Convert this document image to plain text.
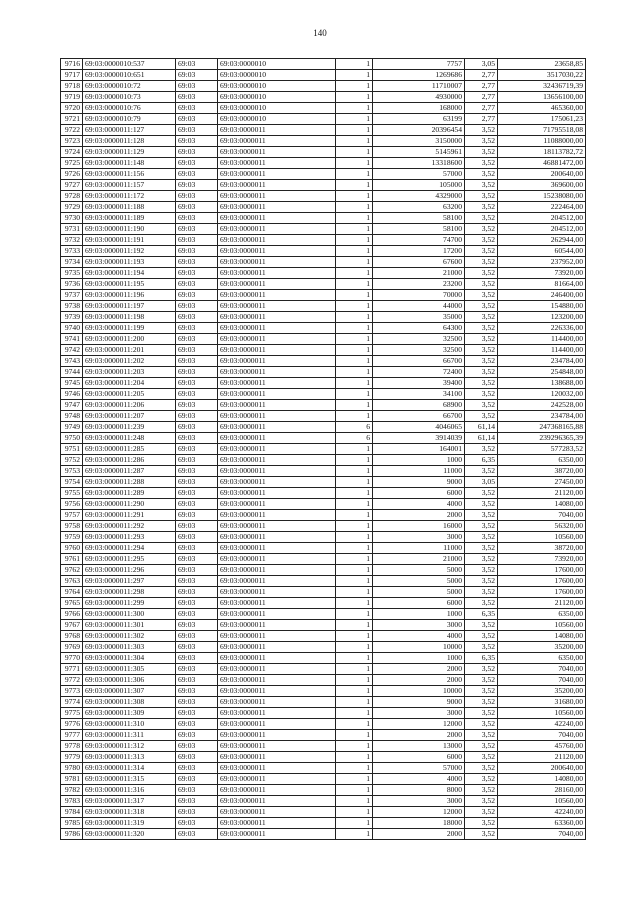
140
9716	69:03:0000010:537	69:03	69:03:0000010	1	7757	3,05	23658,85
9717	69:03:0000010:651	69:03	69:03:0000010	1	1269686	2,77	3517030,22
9718	69:03:0000010:72	69:03	69:03:0000010	1	11710007	2,77	32436719,39
9719	69:03:0000010:73	69:03	69:03:0000010	1	4930000	2,77	13656100,00
9720	69:03:0000010:76	69:03	69:03:0000010	1	168000	2,77	465360,00
9721	69:03:0000010:79	69:03	69:03:0000010	1	63199	2,77	175061,23
9722	69:03:0000011:127	69:03	69:03:0000011	1	20396454	3,52	71795518,08
9723	69:03:0000011:128	69:03	69:03:0000011	1	3150000	3,52	11088000,00
9724	69:03:0000011:129	69:03	69:03:0000011	1	5145961	3,52	18113782,72
9725	69:03:0000011:148	69:03	69:03:0000011	1	13318600	3,52	46881472,00
9726	69:03:0000011:156	69:03	69:03:0000011	1	57000	3,52	200640,00
9727	69:03:0000011:157	69:03	69:03:0000011	1	105000	3,52	369600,00
9728	69:03:0000011:172	69:03	69:03:0000011	1	4329000	3,52	15238080,00
9729	69:03:0000011:188	69:03	69:03:0000011	1	63200	3,52	222464,00
9730	69:03:0000011:189	69:03	69:03:0000011	1	58100	3,52	204512,00
9731	69:03:0000011:190	69:03	69:03:0000011	1	58100	3,52	204512,00
9732	69:03:0000011:191	69:03	69:03:0000011	1	74700	3,52	262944,00
9733	69:03:0000011:192	69:03	69:03:0000011	1	17200	3,52	60544,00
9734	69:03:0000011:193	69:03	69:03:0000011	1	67600	3,52	237952,00
9735	69:03:0000011:194	69:03	69:03:0000011	1	21000	3,52	73920,00
9736	69:03:0000011:195	69:03	69:03:0000011	1	23200	3,52	81664,00
9737	69:03:0000011:196	69:03	69:03:0000011	1	70000	3,52	246400,00
9738	69:03:0000011:197	69:03	69:03:0000011	1	44000	3,52	154880,00
9739	69:03:0000011:198	69:03	69:03:0000011	1	35000	3,52	123200,00
9740	69:03:0000011:199	69:03	69:03:0000011	1	64300	3,52	226336,00
9741	69:03:0000011:200	69:03	69:03:0000011	1	32500	3,52	114400,00
9742	69:03:0000011:201	69:03	69:03:0000011	1	32500	3,52	114400,00
9743	69:03:0000011:202	69:03	69:03:0000011	1	66700	3,52	234784,00
9744	69:03:0000011:203	69:03	69:03:0000011	1	72400	3,52	254848,00
9745	69:03:0000011:204	69:03	69:03:0000011	1	39400	3,52	138688,00
9746	69:03:0000011:205	69:03	69:03:0000011	1	34100	3,52	120032,00
9747	69:03:0000011:206	69:03	69:03:0000011	1	68900	3,52	242528,00
9748	69:03:0000011:207	69:03	69:03:0000011	1	66700	3,52	234784,00
9749	69:03:0000011:239	69:03	69:03:0000011	6	4046065	61,14	247368165,88
9750	69:03:0000011:248	69:03	69:03:0000011	6	3914039	61,14	239296365,39
9751	69:03:0000011:285	69:03	69:03:0000011	1	164001	3,52	577283,52
9752	69:03:0000011:286	69:03	69:03:0000011	1	1000	6,35	6350,00
9753	69:03:0000011:287	69:03	69:03:0000011	1	11000	3,52	38720,00
9754	69:03:0000011:288	69:03	69:03:0000011	1	9000	3,05	27450,00
9755	69:03:0000011:289	69:03	69:03:0000011	1	6000	3,52	21120,00
9756	69:03:0000011:290	69:03	69:03:0000011	1	4000	3,52	14080,00
9757	69:03:0000011:291	69:03	69:03:0000011	1	2000	3,52	7040,00
9758	69:03:0000011:292	69:03	69:03:0000011	1	16000	3,52	56320,00
9759	69:03:0000011:293	69:03	69:03:0000011	1	3000	3,52	10560,00
9760	69:03:0000011:294	69:03	69:03:0000011	1	11000	3,52	38720,00
9761	69:03:0000011:295	69:03	69:03:0000011	1	21000	3,52	73920,00
9762	69:03:0000011:296	69:03	69:03:0000011	1	5000	3,52	17600,00
9763	69:03:0000011:297	69:03	69:03:0000011	1	5000	3,52	17600,00
9764	69:03:0000011:298	69:03	69:03:0000011	1	5000	3,52	17600,00
9765	69:03:0000011:299	69:03	69:03:0000011	1	6000	3,52	21120,00
9766	69:03:0000011:300	69:03	69:03:0000011	1	1000	6,35	6350,00
9767	69:03:0000011:301	69:03	69:03:0000011	1	3000	3,52	10560,00
9768	69:03:0000011:302	69:03	69:03:0000011	1	4000	3,52	14080,00
9769	69:03:0000011:303	69:03	69:03:0000011	1	10000	3,52	35200,00
9770	69:03:0000011:304	69:03	69:03:0000011	1	1000	6,35	6350,00
9771	69:03:0000011:305	69:03	69:03:0000011	1	2000	3,52	7040,00
9772	69:03:0000011:306	69:03	69:03:0000011	1	2000	3,52	7040,00
9773	69:03:0000011:307	69:03	69:03:0000011	1	10000	3,52	35200,00
9774	69:03:0000011:308	69:03	69:03:0000011	1	9000	3,52	31680,00
9775	69:03:0000011:309	69:03	69:03:0000011	1	3000	3,52	10560,00
9776	69:03:0000011:310	69:03	69:03:0000011	1	12000	3,52	42240,00
9777	69:03:0000011:311	69:03	69:03:0000011	1	2000	3,52	7040,00
9778	69:03:0000011:312	69:03	69:03:0000011	1	13000	3,52	45760,00
9779	69:03:0000011:313	69:03	69:03:0000011	1	6000	3,52	21120,00
9780	69:03:0000011:314	69:03	69:03:0000011	1	57000	3,52	200640,00
9781	69:03:0000011:315	69:03	69:03:0000011	1	4000	3,52	14080,00
9782	69:03:0000011:316	69:03	69:03:0000011	1	8000	3,52	28160,00
9783	69:03:0000011:317	69:03	69:03:0000011	1	3000	3,52	10560,00
9784	69:03:0000011:318	69:03	69:03:0000011	1	12000	3,52	42240,00
9785	69:03:0000011:319	69:03	69:03:0000011	1	18000	3,52	63360,00
9786	69:03:0000011:320	69:03	69:03:0000011	1	2000	3,52	7040,00
